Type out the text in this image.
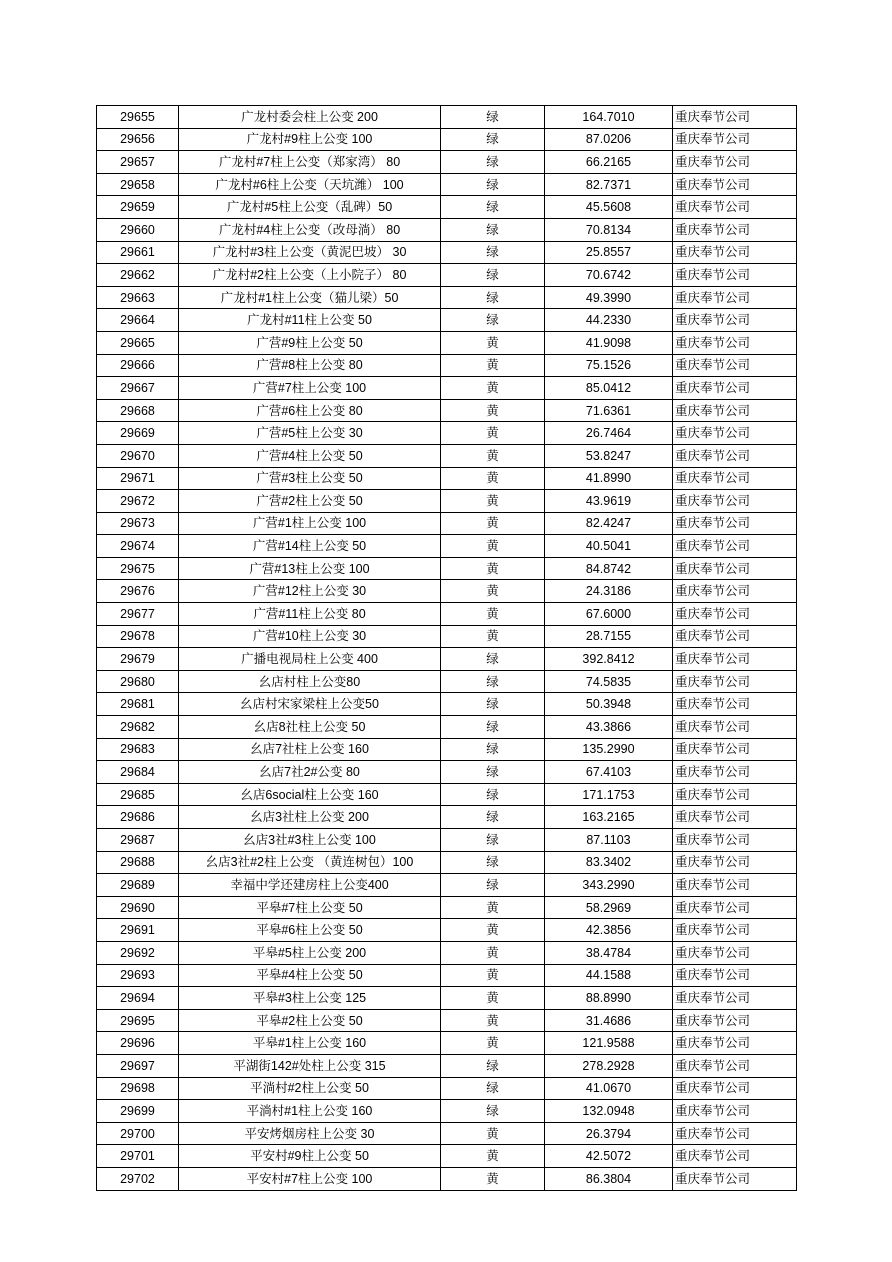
29655	广龙村委会柱上公变 200	绿	164.7010	重庆奉节公司
29656	广龙村#9柱上公变 100	绿	87.0206	重庆奉节公司
29657	广龙村#7柱上公变（郑家湾） 80	绿	66.2165	重庆奉节公司
29658	广龙村#6柱上公变（天坑潍） 100	绿	82.7371	重庆奉节公司
29659	广龙村#5柱上公变（乱碑）50	绿	45.5608	重庆奉节公司
29660	广龙村#4柱上公变（改母淌） 80	绿	70.8134	重庆奉节公司
29661	广龙村#3柱上公变（黄泥巴坡） 30	绿	25.8557	重庆奉节公司
29662	广龙村#2柱上公变（上小院子） 80	绿	70.6742	重庆奉节公司
29663	广龙村#1柱上公变（猫儿梁）50	绿	49.3990	重庆奉节公司
29664	广龙村#11柱上公变 50	绿	44.2330	重庆奉节公司
29665	广营#9柱上公变 50	黄	41.9098	重庆奉节公司
29666	广营#8柱上公变 80	黄	75.1526	重庆奉节公司
29667	广营#7柱上公变 100	黄	85.0412	重庆奉节公司
29668	广营#6柱上公变 80	黄	71.6361	重庆奉节公司
29669	广营#5柱上公变 30	黄	26.7464	重庆奉节公司
29670	广营#4柱上公变 50	黄	53.8247	重庆奉节公司
29671	广营#3柱上公变 50	黄	41.8990	重庆奉节公司
29672	广营#2柱上公变 50	黄	43.9619	重庆奉节公司
29673	广营#1柱上公变 100	黄	82.4247	重庆奉节公司
29674	广营#14柱上公变 50	黄	40.5041	重庆奉节公司
29675	广营#13柱上公变 100	黄	84.8742	重庆奉节公司
29676	广营#12柱上公变 30	黄	24.3186	重庆奉节公司
29677	广营#11柱上公变 80	黄	67.6000	重庆奉节公司
29678	广营#10柱上公变 30	黄	28.7155	重庆奉节公司
29679	广播电视局柱上公变 400	绿	392.8412	重庆奉节公司
29680	幺店村柱上公变80	绿	74.5835	重庆奉节公司
29681	幺店村宋家梁柱上公变50	绿	50.3948	重庆奉节公司
29682	幺店8社柱上公变 50	绿	43.3866	重庆奉节公司
29683	幺店7社柱上公变 160	绿	135.2990	重庆奉节公司
29684	幺店7社2#公变 80	绿	67.4103	重庆奉节公司
29685	幺店6social柱上公变 160	绿	171.1753	重庆奉节公司
29686	幺店3社柱上公变 200	绿	163.2165	重庆奉节公司
29687	幺店3社#3柱上公变 100	绿	87.1103	重庆奉节公司
29688	幺店3社#2柱上公变 （黄连树包）100	绿	83.3402	重庆奉节公司
29689	幸福中学还建房柱上公变400	绿	343.2990	重庆奉节公司
29690	平皋#7柱上公变 50	黄	58.2969	重庆奉节公司
29691	平皋#6柱上公变 50	黄	42.3856	重庆奉节公司
29692	平皋#5柱上公变 200	黄	38.4784	重庆奉节公司
29693	平皋#4柱上公变 50	黄	44.1588	重庆奉节公司
29694	平皋#3柱上公变 125	黄	88.8990	重庆奉节公司
29695	平皋#2柱上公变 50	黄	31.4686	重庆奉节公司
29696	平皋#1柱上公变 160	黄	121.9588	重庆奉节公司
29697	平湖街142#处柱上公变 315	绿	278.2928	重庆奉节公司
29698	平淌村#2柱上公变 50	绿	41.0670	重庆奉节公司
29699	平淌村#1柱上公变 160	绿	132.0948	重庆奉节公司
29700	平安烤烟房柱上公变 30	黄	26.3794	重庆奉节公司
29701	平安村#9柱上公变 50	黄	42.5072	重庆奉节公司
29702	平安村#7柱上公变 100	黄	86.3804	重庆奉节公司
